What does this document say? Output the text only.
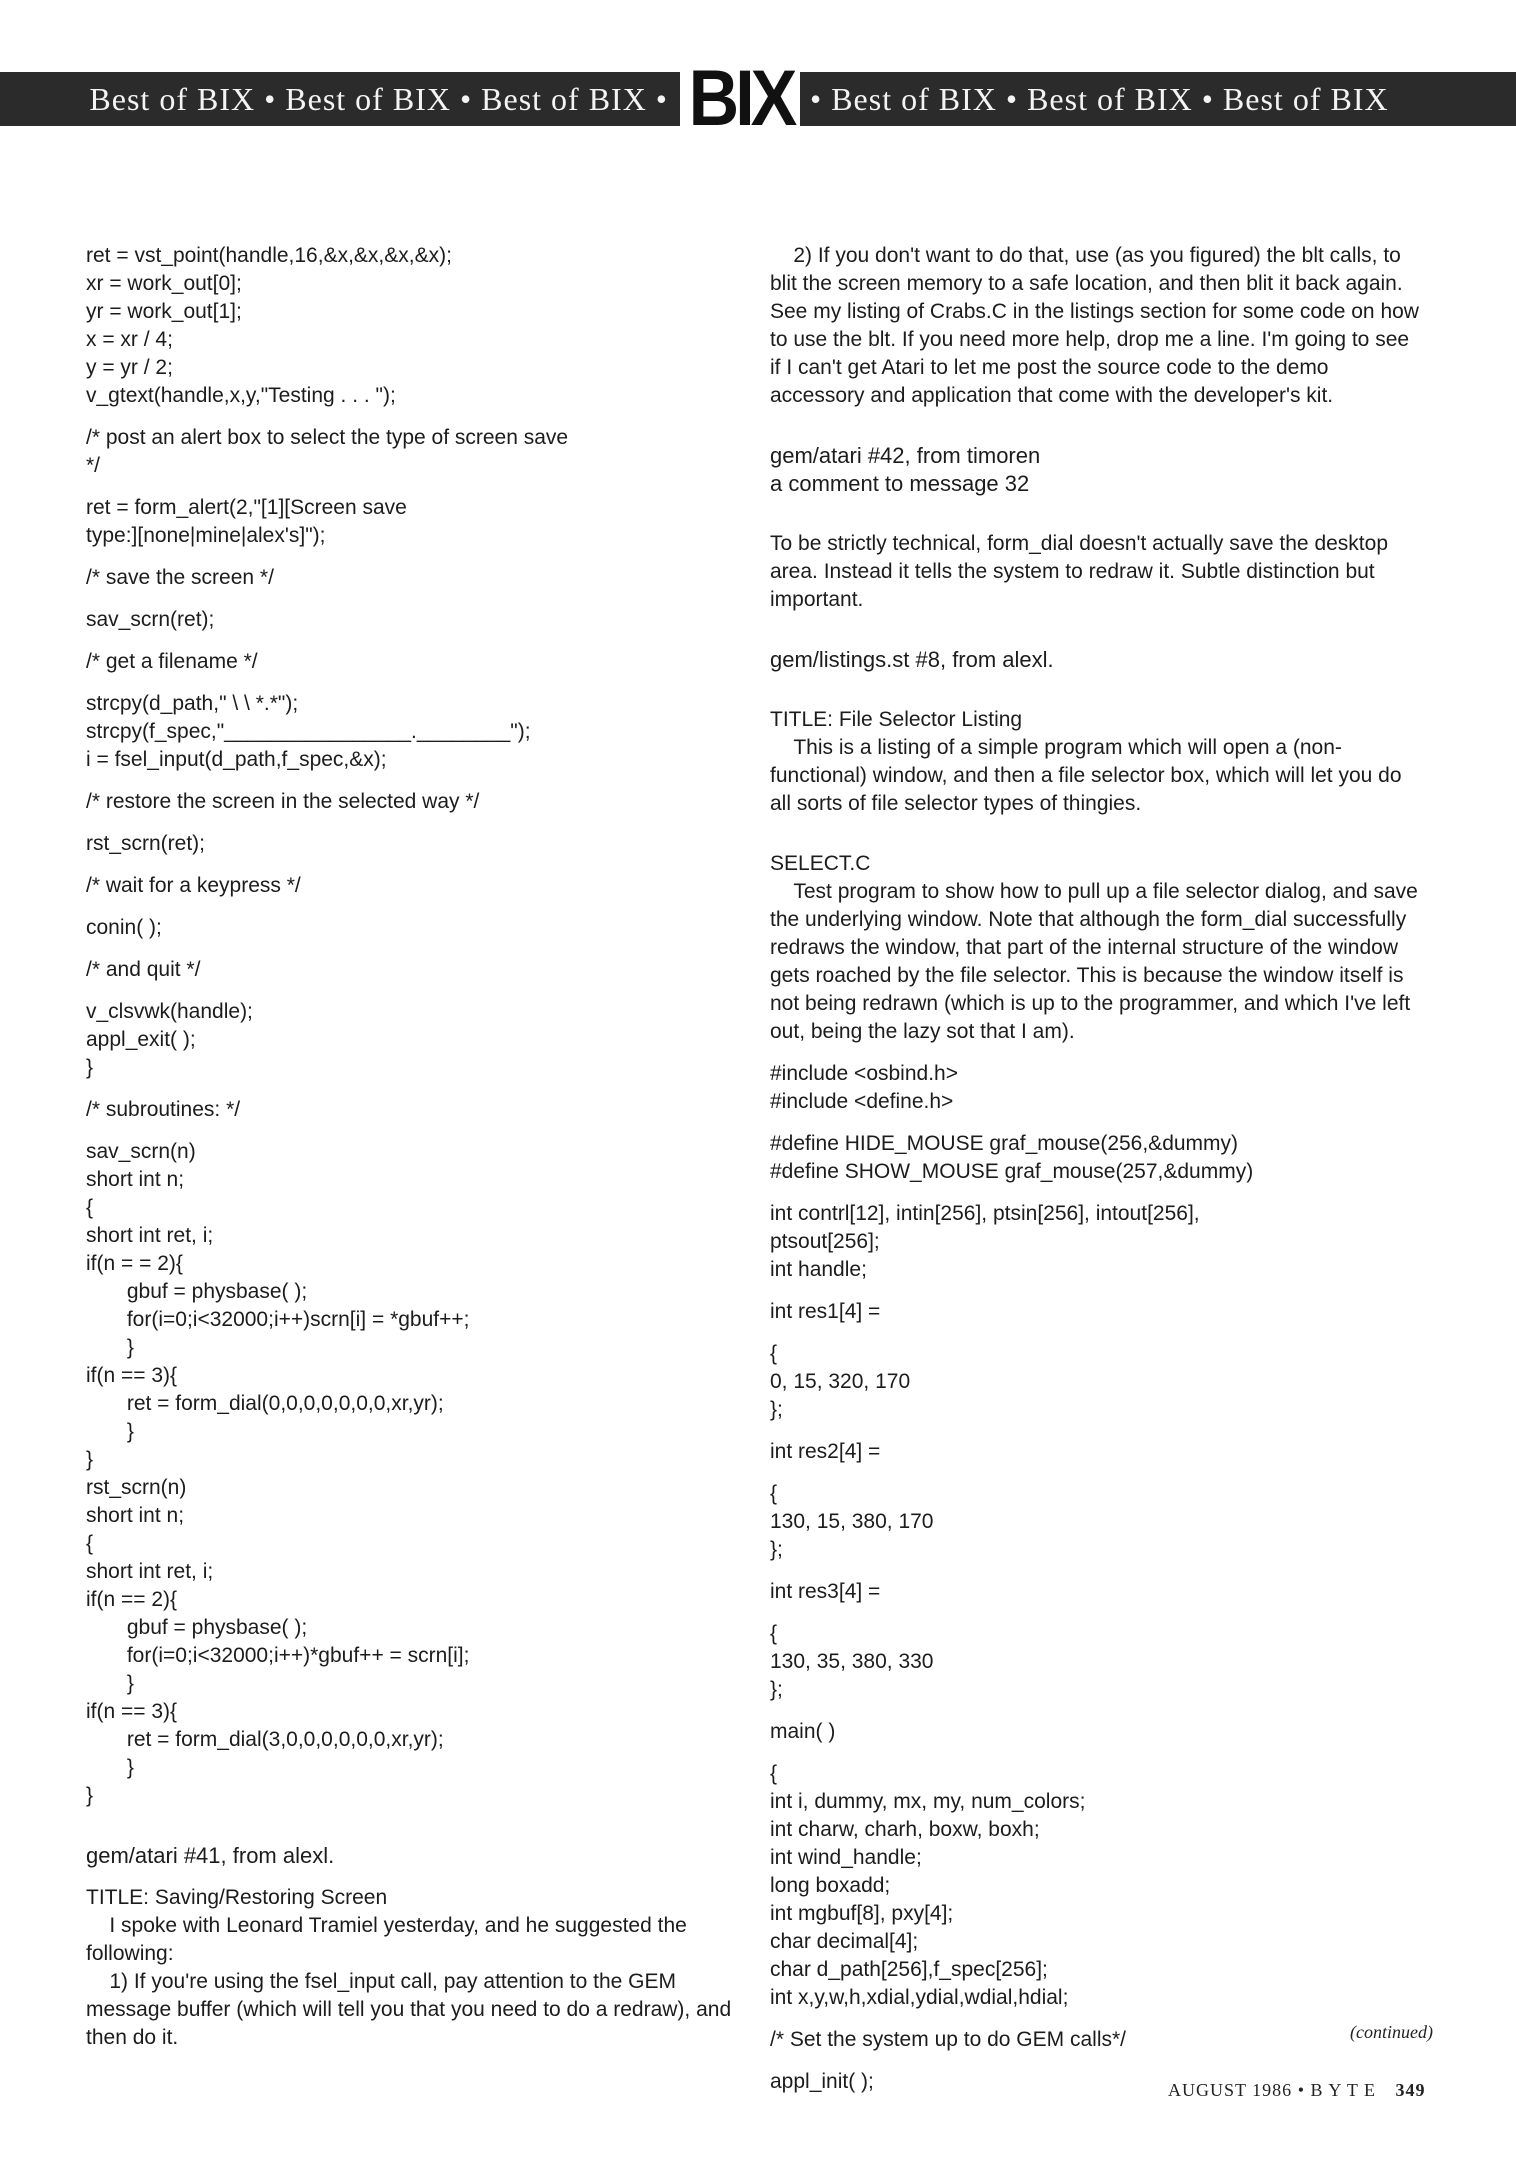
Best of BIX • Best of BIX • Best of BIX • BIX • Best of BIX • Best of BIX • Best of BIX
ret = vst_point(handle,16,&x,&x,&x,&x);
xr = work_out[0];
yr = work_out[1];
x = xr / 4;
y = yr / 2;
v_gtext(handle,x,y,"Testing . . . ");
/* post an alert box to select the type of screen save
*/
ret = form_alert(2,"[1][Screen save
type:][none|mine|alex's]");
/* save the screen */
sav_scrn(ret);
/* get a filename */
strcpy(d_path," \ \ *.*");
strcpy(f_spec,"________________.________");
i = fsel_input(d_path,f_spec,&x);
/* restore the screen in the selected way */
rst_scrn(ret);
/* wait for a keypress */
conin( );
/* and quit */
v_clsvwk(handle);
appl_exit( );
}
/* subroutines: */
sav_scrn(n)
short int n;
{
short int ret, i;
if(n = = 2){
gbuf = physbase( );
for(i=0;i<32000;i++)scrn[i] = *gbuf++;
}
if(n == 3){
ret = form_dial(0,0,0,0,0,0,0,xr,yr);
}
}
rst_scrn(n)
short int n;
{
short int ret, i;
if(n == 2){
gbuf = physbase( );
for(i=0;i<32000;i++)*gbuf++ = scrn[i];
}
if(n == 3){
ret = form_dial(3,0,0,0,0,0,0,xr,yr);
}
}
gem/atari #41, from alexl.
TITLE: Saving/Restoring Screen
I spoke with Leonard Tramiel yesterday, and he suggested the following:
1) If you're using the fsel_input call, pay attention to the GEM message buffer (which will tell you that you need to do a redraw), and then do it.
2) If you don't want to do that, use (as you figured) the blt calls, to blit the screen memory to a safe location, and then blit it back again. See my listing of Crabs.C in the listings section for some code on how to use the blt. If you need more help, drop me a line. I'm going to see if I can't get Atari to let me post the source code to the demo accessory and application that come with the developer's kit.
gem/atari #42, from timoren
a comment to message 32
To be strictly technical, form_dial doesn't actually save the desktop area. Instead it tells the system to redraw it. Subtle distinction but important.
gem/listings.st #8, from alexl.
TITLE: File Selector Listing
This is a listing of a simple program which will open a (non-functional) window, and then a file selector box, which will let you do all sorts of file selector types of thingies.
SELECT.C
Test program to show how to pull up a file selector dialog, and save the underlying window. Note that although the form_dial successfully redraws the window, that part of the internal structure of the window gets roached by the file selector. This is because the window itself is not being redrawn (which is up to the programmer, and which I've left out, being the lazy sot that I am).
#include <osbind.h>
#include <define.h>
#define HIDE_MOUSE graf_mouse(256,&dummy)
#define SHOW_MOUSE graf_mouse(257,&dummy)
int contrl[12], intin[256], ptsin[256], intout[256],
ptsout[256];
int handle;
int res1[4] =
{
0, 15, 320, 170
};
int res2[4] =
{
130, 15, 380, 170
};
int res3[4] =
{
130, 35, 380, 330
};
main( )
{
int i, dummy, mx, my, num_colors;
int charw, charh, boxw, boxh;
int wind_handle;
long boxadd;
int mgbuf[8], pxy[4];
char decimal[4];
char d_path[256],f_spec[256];
int x,y,w,h,xdial,ydial,wdial,hdial;
/* Set the system up to do GEM calls*/
appl_init( );
(continued)
AUGUST 1986 • B Y T E 349
